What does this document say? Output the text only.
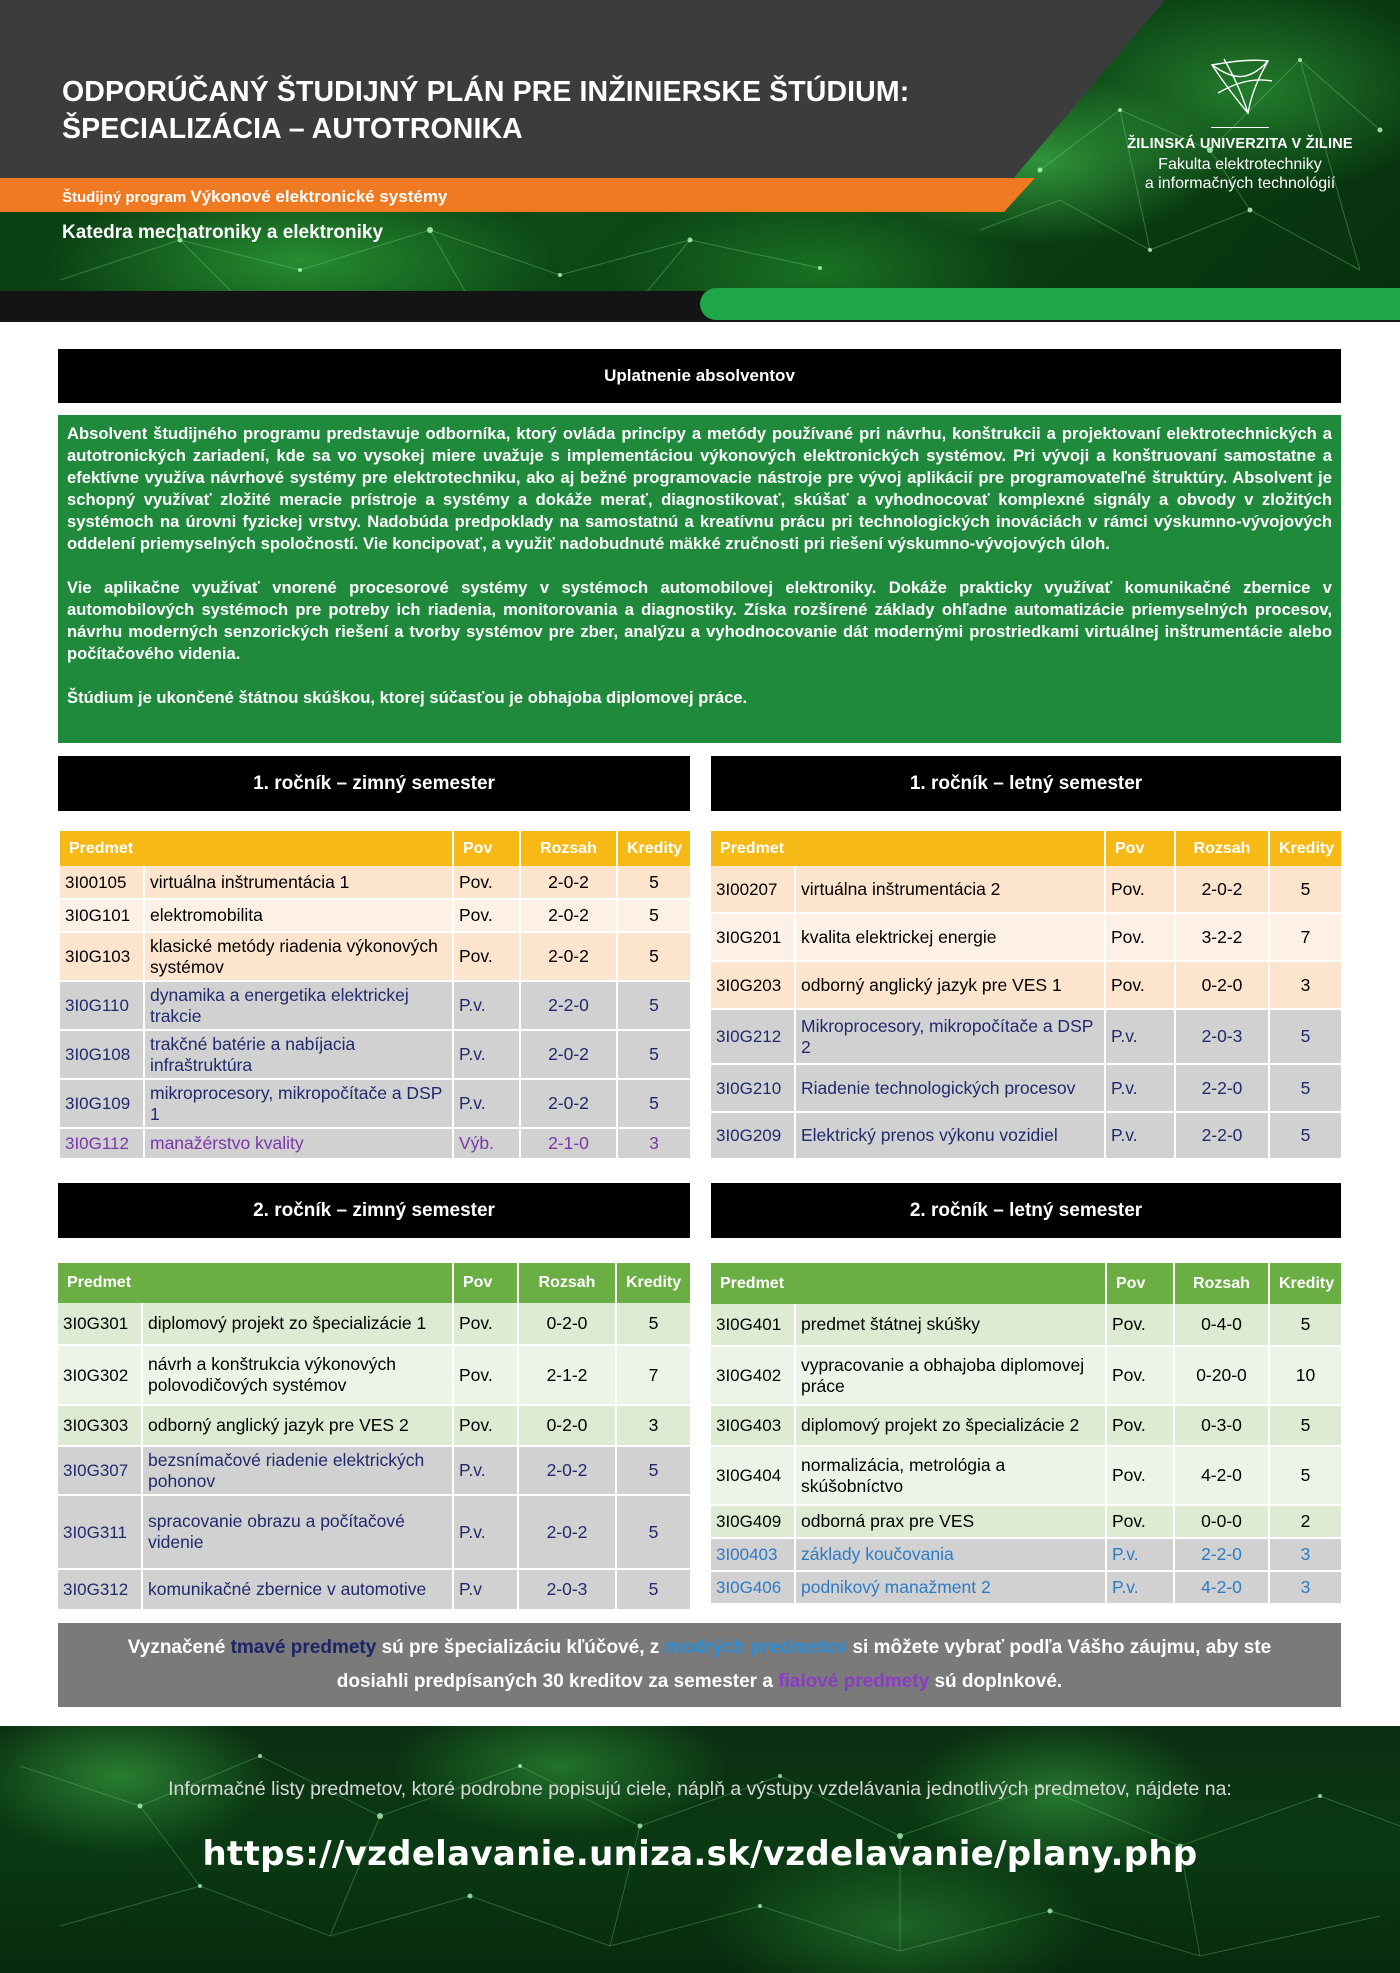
ODPORÚČANÝ ŠTUDIJNÝ PLÁN PRE INŽINIERSKE ŠTÚDIUM:
ŠPECIALIZÁCIA – AUTOTRONIKA
Študijný program Výkonové elektronické systémy
Katedra mechatroniky a elektroniky
ŽILINSKÁ UNIVERZITA V ŽILINE
Fakulta elektrotechniky
a informačných technológií
Uplatnenie absolventov

Absolvent študijného programu predstavuje odborníka, ktorý ovláda princípy a metódy používané pri návrhu, konštrukcii a projektovaní elektrotechnických a autotronických zariadení, kde sa vo vysokej miere uvažuje s implementáciou výkonových elektronických systémov. Pri vývoji a konštruovaní samostatne a efektívne využíva návrhové systémy pre elektrotechniku, ako aj bežné programovacie nástroje pre vývoj aplikácií pre programovateľné štruktúry. Absolvent je schopný využívať zložité meracie prístroje a systémy a dokáže merať, diagnostikovať, skúšať a vyhodnocovať komplexné signály a obvody v zložitých systémoch na úrovni fyzickej vrstvy. Nadobúda predpoklady na samostatnú a kreatívnu prácu pri technologických inováciách v rámci výskumno-vývojových oddelení priemyselných spoločností. Vie koncipovať, a využiť nadobudnuté mäkké zručnosti pri riešení výskumno-vývojových úloh.

Vie aplikačne využívať vnorené procesorové systémy v systémoch automobilovej elektroniky. Dokáže prakticky využívať komunikačné zbernice v automobilových systémoch pre potreby ich riadenia, monitorovania a diagnostiky. Získa rozšírené základy ohľadne automatizácie priemyselných procesov, návrhu moderných senzorických riešení a tvorby systémov pre zber, analýzu a vyhodnocovanie dát modernými prostriedkami virtuálnej inštrumentácie alebo počítačového videnia.

Štúdium je ukončené štátnou skúškou, ktorej súčasťou je obhajoba diplomovej práce.

1. ročník – zimný semester	1. ročník – letný semester
Predmet		Pov	Rozsah	Kredity
3I00105	virtuálna inštrumentácia 1	Pov.	2-0-2	5
3I0G101	elektromobilita	Pov.	2-0-2	5
3I0G103	klasické metódy riadenia výkonových systémov	Pov.	2-0-2	5
3I0G110	dynamika a energetika elektrickej trakcie	P.v.	2-2-0	5
3I0G108	trakčné batérie a nabíjacia infraštruktúra	P.v.	2-0-2	5
3I0G109	mikroprocesory, mikropočítače a DSP 1	P.v.	2-0-2	5
3I0G112	manažérstvo kvality	Výb.	2-1-0	3
Predmet		Pov	Rozsah	Kredity
3I00207	virtuálna inštrumentácia 2	Pov.	2-0-2	5
3I0G201	kvalita elektrickej energie	Pov.	3-2-2	7
3I0G203	odborný anglický jazyk pre VES 1	Pov.	0-2-0	3
3I0G212	Mikroprocesory, mikropočítače a DSP 2	P.v.	2-0-3	5
3I0G210	Riadenie technologických procesov	P.v.	2-2-0	5
3I0G209	Elektrický prenos výkonu vozidiel	P.v.	2-2-0	5
2. ročník – zimný semester	2. ročník – letný semester
Predmet		Pov	Rozsah	Kredity
3I0G301	diplomový projekt zo špecializácie 1	Pov.	0-2-0	5
3I0G302	návrh a konštrukcia výkonových polovodičových systémov	Pov.	2-1-2	7
3I0G303	odborný anglický jazyk pre VES 2	Pov.	0-2-0	3
3I0G307	bezsnímačové riadenie elektrických pohonov	P.v.	2-0-2	5
3I0G311	spracovanie obrazu a počítačové videnie	P.v.	2-0-2	5
3I0G312	komunikačné zbernice v automotive	P.v	2-0-3	5
Predmet		Pov	Rozsah	Kredity
3I0G401	predmet štátnej skúšky	Pov.	0-4-0	5
3I0G402	vypracovanie a obhajoba diplomovej práce	Pov.	0-20-0	10
3I0G403	diplomový projekt zo špecializácie 2	Pov.	0-3-0	5
3I0G404	normalizácia, metrológia a skúšobníctvo	Pov.	4-2-0	5
3I0G409	odborná prax pre VES	Pov.	0-0-0	2
3I00403	základy koučovania	P.v.	2-2-0	3
3I0G406	podnikový manažment 2	P.v.	4-2-0	3
Vyznačené tmavé predmety sú pre špecializáciu kľúčové, z modrých predmetov si môžete vybrať podľa Vášho záujmu, aby ste
dosiahli predpísaných 30 kreditov za semester a fialové predmety sú doplnkové.
Informačné listy predmetov, ktoré podrobne popisujú ciele, náplň a výstupy vzdelávania jednotlivých predmetov, nájdete na:
https://vzdelavanie.uniza.sk/vzdelavanie/plany.php
